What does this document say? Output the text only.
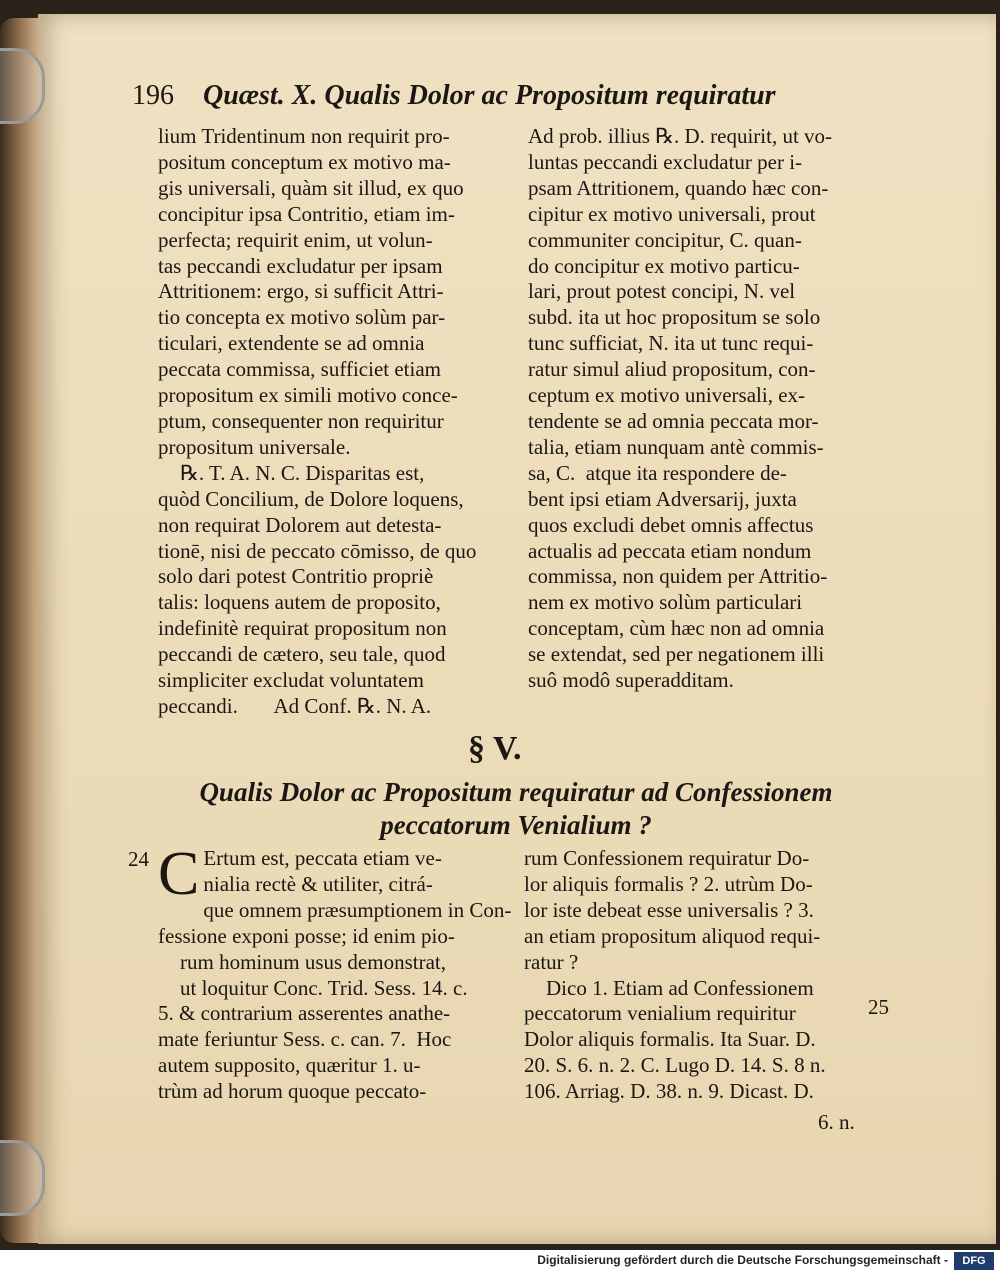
196 Quæst. X. Qualis Dolor ac Propositum requiratur
lium Tridentinum non requirit pro-
positum conceptum ex motivo ma-
gis universali, quàm sit illud, ex quo
concipitur ipsa Contritio, etiam im-
perfecta; requirit enim, ut volun-
tas peccandi excludatur per ipsam
Attritionem: ergo, si sufficit Attri-
tio concepta ex motivo solùm par-
ticulari, extendente se ad omnia
peccata commissa, sufficiet etiam
propositum ex simili motivo conce-
ptum, consequenter non requiritur
propositum universale.
℞. T. A. N. C. Disparitas est,
quòd Concilium, de Dolore loquens,
non requirat Dolorem aut detesta-
tionē, nisi de peccato cōmisso, de quo
solo dari potest Contritio propriè
talis: loquens autem de proposito,
indefinitè requirat propositum non
peccandi de cætero, seu tale, quod
simpliciter excludat voluntatem
peccandi.       Ad Conf. ℞. N. A.
Ad prob. illius ℞. D. requirit, ut vo-
luntas peccandi excludatur per i-
psam Attritionem, quando hæc con-
cipitur ex motivo universali, prout
communiter concipitur, C. quan-
do concipitur ex motivo particu-
lari, prout potest concipi, N. vel
subd. ita ut hoc propositum se solo
tunc sufficiat, N. ita ut tunc requi-
ratur simul aliud propositum, con-
ceptum ex motivo universali, ex-
tendente se ad omnia peccata mor-
talia, etiam nunquam antè commis-
sa, C.  atque ita respondere de-
bent ipsi etiam Adversarij, juxta
quos excludi debet omnis affectus
actualis ad peccata etiam nondum
commissa, non quidem per Attritio-
nem ex motivo solùm particulari
conceptam, cùm hæc non ad omnia
se extendat, sed per negationem illi
suô modô superadditam.
§ V.
Qualis Dolor ac Propositum requiratur ad Confessionem
peccatorum Venialium ?
24
25
C Ertum est, peccata etiam ve-
nialia rectè & utiliter, citrá-
que omnem præsumptionem in Con-
fessione exponi posse; id enim pio-
rum hominum usus demonstrat,
ut loquitur Conc. Trid. Sess. 14. c.
5. & contrarium asserentes anathe-
mate feriuntur Sess. c. can. 7.  Hoc
autem supposito, quæritur 1. u-
trùm ad horum quoque peccato-
rum Confessionem requiratur Do-
lor aliquis formalis ? 2. utrùm Do-
lor iste debeat esse universalis ? 3.
an etiam propositum aliquod requi-
ratur ?
Dico 1. Etiam ad Confessionem
peccatorum venialium requiritur
Dolor aliquis formalis. Ita Suar. D.
20. S. 6. n. 2. C. Lugo D. 14. S. 8 n.
106. Arriag. D. 38. n. 9. Dicast. D.
6. n.
Digitalisierung gefördert durch die Deutsche Forschungsgemeinschaft -	DFG
